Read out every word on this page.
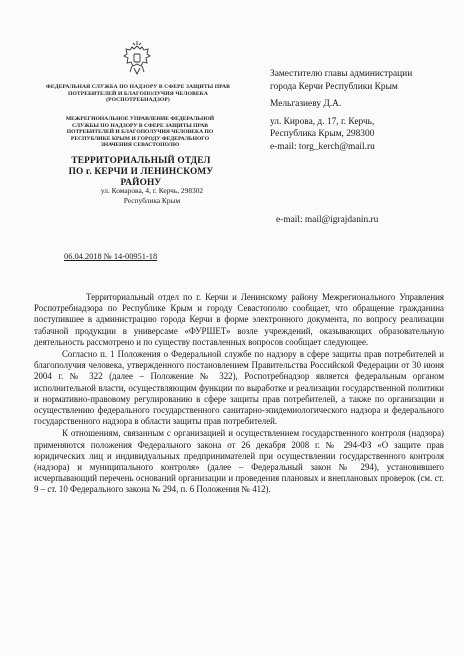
ФЕДЕРАЛЬНАЯ СЛУЖБА ПО НАДЗОРУ В СФЕРЕ ЗАЩИТЫ ПРАВ ПОТРЕБИТЕЛЕЙ И БЛАГОПОЛУЧИЯ ЧЕЛОВЕКА (РОСПОТРЕБНАДЗОР)
МЕЖРЕГИОНАЛЬНОЕ УПРАВЛЕНИЕ ФЕДЕРАЛЬНОЙ СЛУЖБЫ ПО НАДЗОРУ В СФЕРЕ ЗАЩИТЫ ПРАВ ПОТРЕБИТЕЛЕЙ И БЛАГОПОЛУЧИЯ ЧЕЛОВЕКА ПО РЕСПУБЛИКЕ КРЫМ И ГОРОДУ ФЕДЕРАЛЬНОГО ЗНАЧЕНИЯ СЕВАСТОПОЛЮ
ТЕРРИТОРИАЛЬНЫЙ ОТДЕЛ
ПО г. КЕРЧИ И ЛЕНИНСКОМУ РАЙОНУ
ул. Комарова, 4, г. Керчь, 298302
Республика Крым
06.04.2018 № 14-00951-18
Заместителю главы администрации
города Керчи Республики Крым
Мельгазиеву Д.А.
ул. Кирова, д. 17, г. Керчь,
Республика Крым, 298300
e-mail: torg_kerch@mail.ru
e-mail: mail@igrajdanin.ru

Территориальный отдел по г. Керчи и Ленинскому району Межрегионального Управления Роспотребнадзора по Республике Крым и городу Севастополю сообщает, что обращение гражданина поступившее в администрацию города Керчи в форме электронного документа, по вопросу реализации табачной продукции в универсаме «ФУРШЕТ» возле учреждений, оказывающих образовательную деятельность рассмотрено и по существу поставленных вопросов сообщает следующее.

Согласно п. 1 Положения о Федеральной службе по надзору в сфере защиты прав потребителей и благополучия человека, утвержденного постановлением Правительства Российской Федерации от 30 июня 2004 г. № 322 (далее – Положение № 322), Роспотребнадзор является федеральным органом исполнительной власти, осуществляющим функции по выработке и реализации государственной политики и нормативно-правовому регулированию в сфере защиты прав потребителей, а также по организации и осуществлению федерального государственного санитарно-эпидемиологического надзора и федерального государственного надзора в области защиты прав потребителей.

К отношениям, связанным с организацией и осуществлением государственного контроля (надзора) применяются положения Федерального закона от 26 декабря 2008 г. № 294-ФЗ «О защите прав юридических лиц и индивидуальных предпринимателей при осуществлении государственного контроля (надзора) и муниципального контроля» (далее – Федеральный закон № 294), установившего исчерпывающий перечень оснований организации и проведения плановых и внеплановых проверок (см. ст. 9 – ст. 10 Федерального закона № 294, п. 6 Положения № 412).
